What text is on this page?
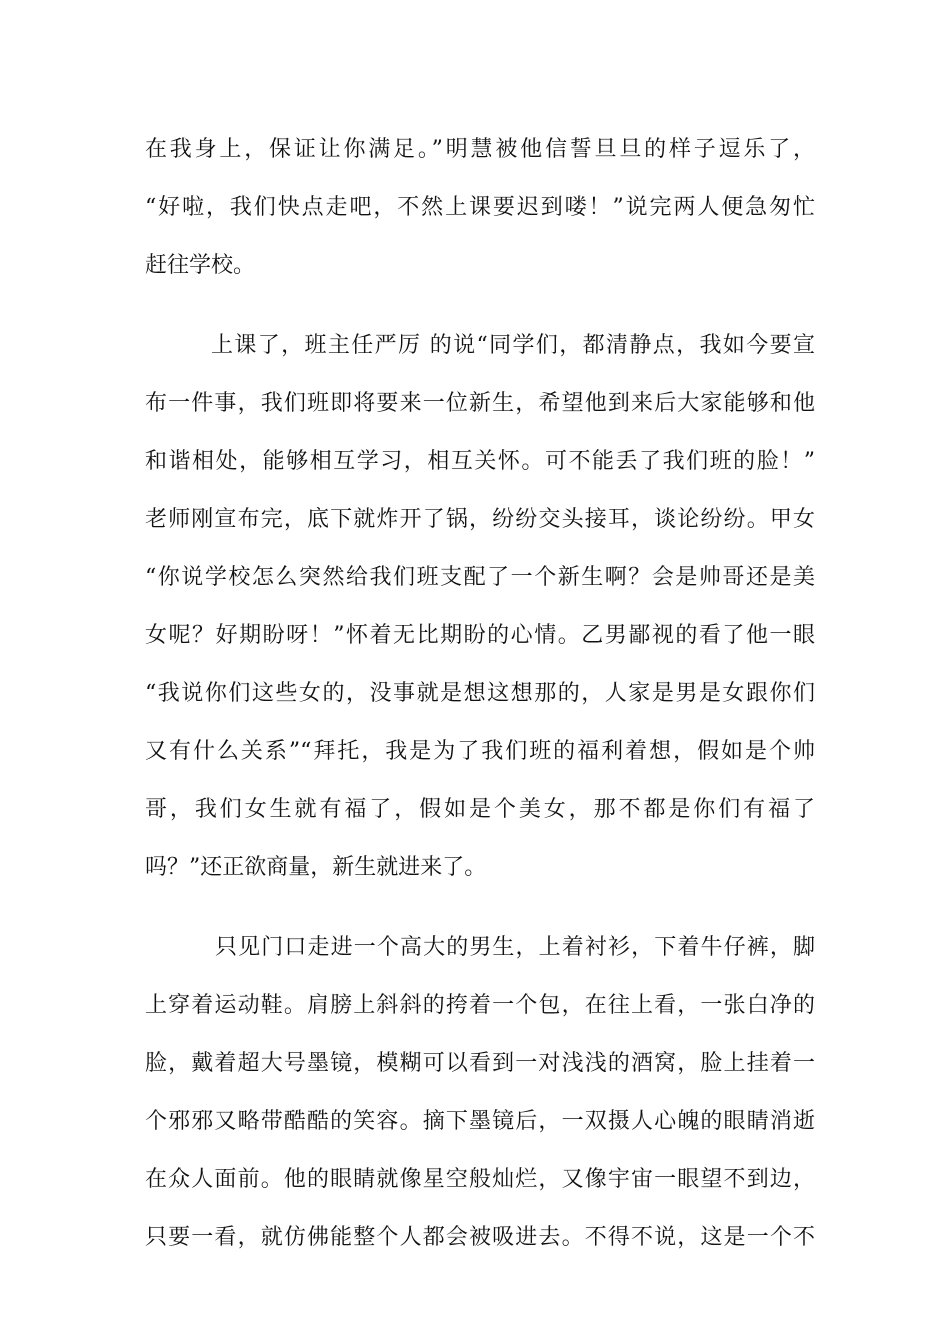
在我身上，保证让你满足。”明慧被他信誓旦旦的样子逗乐了，
“好啦，我们快点走吧，不然上课要迟到喽！”说完两人便急匆忙
赶往学校。
上课了，班主任严厉 的说“同学们，都清静点，我如今要宣
布一件事，我们班即将要来一位新生，希望他到来后大家能够和他
和谐相处，能够相互学习，相互关怀。可不能丢了我们班的脸！”
老师刚宣布完，底下就炸开了锅，纷纷交头接耳，谈论纷纷。甲女
“你说学校怎么突然给我们班支配了一个新生啊？会是帅哥还是美
女呢？好期盼呀！”怀着无比期盼的心情。乙男鄙视的看了他一眼
“我说你们这些女的，没事就是想这想那的，人家是男是女跟你们
又有什么关系”“拜托，我是为了我们班的福利着想，假如是个帅
哥，我们女生就有福了，假如是个美女，那不都是你们有福了
吗？”还正欲商量，新生就进来了。
只见门口走进一个高大的男生，上着衬衫，下着牛仔裤，脚
上穿着运动鞋。肩膀上斜斜的挎着一个包，在往上看，一张白净的
脸，戴着超大号墨镜，模糊可以看到一对浅浅的酒窝，脸上挂着一
个邪邪又略带酷酷的笑容。摘下墨镜后，一双摄人心魄的眼睛消逝
在众人面前。他的眼睛就像星空般灿烂，又像宇宙一眼望不到边，
只要一看，就仿佛能整个人都会被吸进去。不得不说，这是一个不
